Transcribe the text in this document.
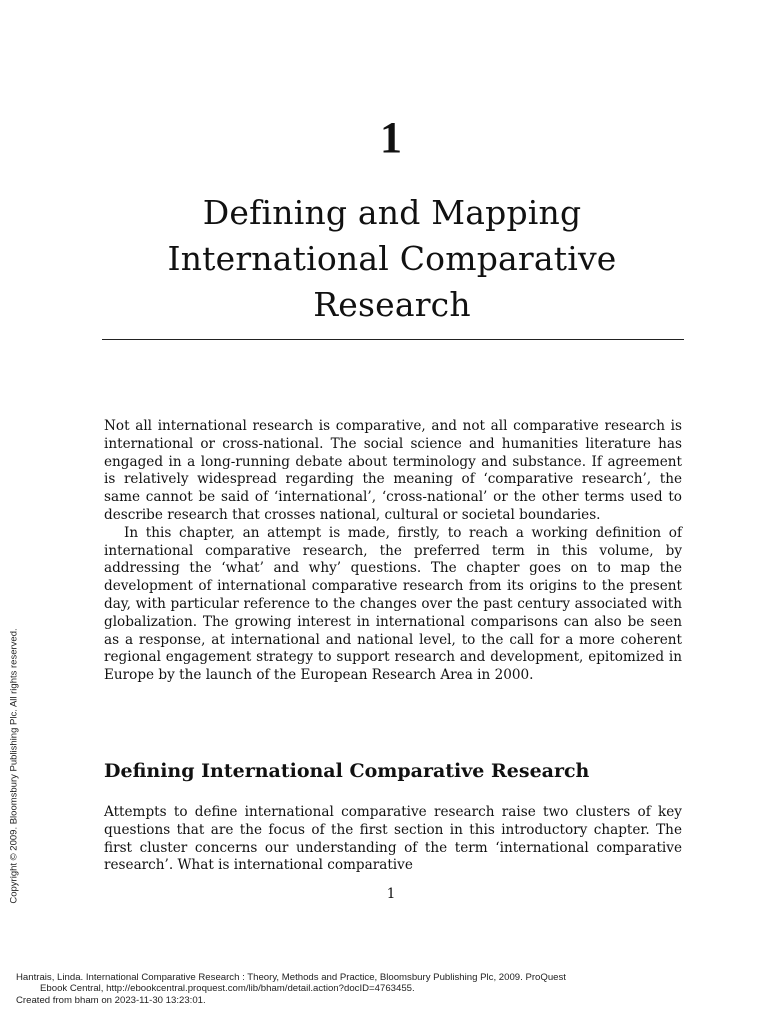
1
Defining and Mapping
International Comparative
Research

Not all international research is comparative, and not all comparative research is international or cross-national. The social science and humanities literature has engaged in a long-running debate about terminology and substance. If agreement is relatively widespread regarding the meaning of ‘comparative research’, the same cannot be said of ‘international’, ‘cross-national’ or the other terms used to describe research that crosses national, cultural or societal boundaries.

In this chapter, an attempt is made, firstly, to reach a working definition of international comparative research, the preferred term in this volume, by addressing the ‘what’ and why’ questions. The chapter goes on to map the development of international comparative research from its origins to the present day, with particular reference to the changes over the past century associated with globalization. The growing interest in international comparisons can also be seen as a response, at international and national level, to the call for a more coherent regional engagement strategy to support research and development, epitomized in Europe by the launch of the European Research Area in 2000.

Defining International Comparative Research

Attempts to define international comparative research raise two clusters of key questions that are the focus of the first section in this introductory chapter. The first cluster concerns our understanding of the term ‘international comparative research’. What is international comparative

1
Copyright © 2009. Bloomsbury Publishing Plc. All rights reserved.
Hantrais, Linda. International Comparative Research : Theory, Methods and Practice, Bloomsbury Publishing Plc, 2009. ProQuest
Ebook Central, http://ebookcentral.proquest.com/lib/bham/detail.action?docID=4763455.
Created from bham on 2023-11-30 13:23:01.
